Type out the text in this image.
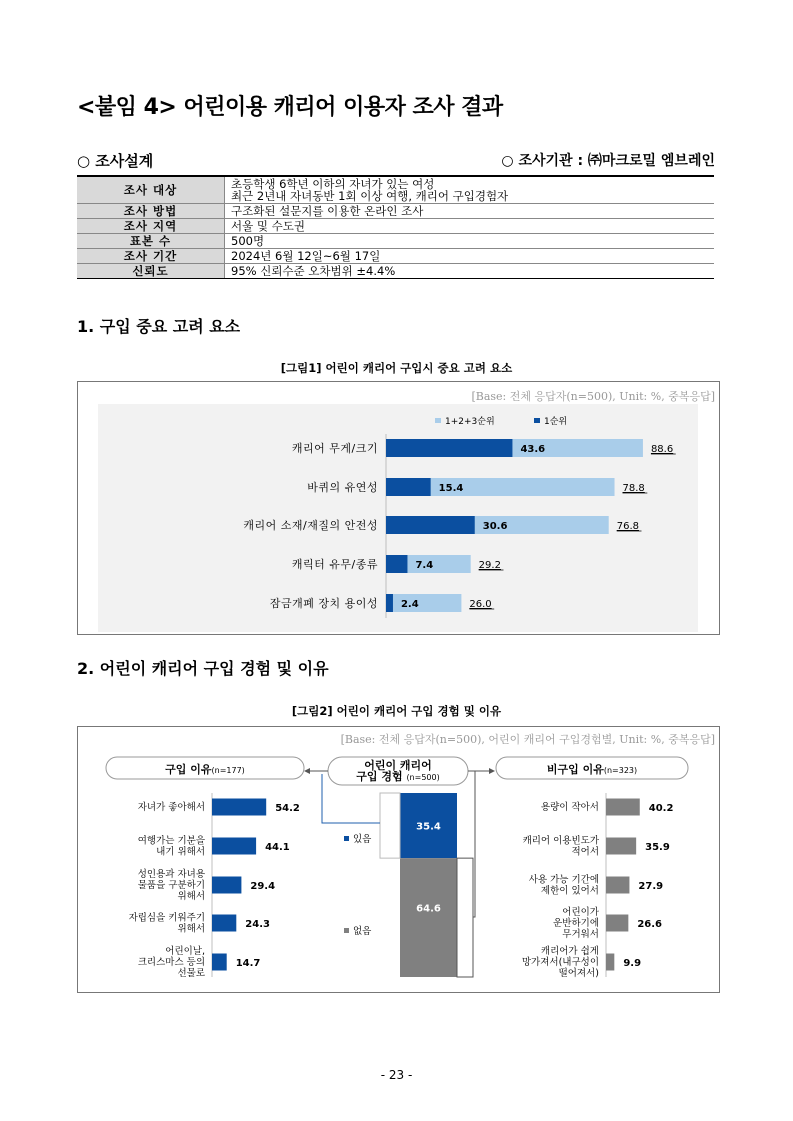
<붙임 4> 어린이용 캐리어 이용자 조사 결과
○ 조사설계	○ 조사기관 : ㈜마크로밀 엠브레인
조사 대상	초등학생 6학년 이하의 자녀가 있는 여성
최근 2년내 자녀동반 1회 이상 여행, 캐리어 구입경험자

조사 방법	구조화된 설문지를 이용한 온라인 조사
조사 지역	서울 및 수도권
표본 수	500명
조사 기간	2024년 6월 12일~6월 17일
신뢰도	95% 신뢰수준 오차범위 ±4.4%
1. 구입 중요 고려 요소
[그림1] 어린이 캐리어 구입시 중요 고려 요소
[Base: 전체 응답자(n=500), Unit: %, 중복응답]
1+2+3순위	1순위
캐리어 무게/크기	43.6	88.6
바퀴의 유연성	15.4	78.8
캐리어 소재/재질의 안전성	30.6	76.8
캐릭터 유무/종류	7.4	29.2
잠금개폐 장치 용이성 2.4	26.0
2. 어린이 캐리어 구입 경험 및 이유
[그림2] 어린이 캐리어 구입 경험 및 이유
[Base: 전체 응답자(n=500), 어린이 캐리어 구입경험별, Unit: %, 중복응답]
구입 이유(n=177)	어린이 캐리어
구입 경험 (n=500)
비구입 이유(n=323)
자녀가 좋아해서	54.2
여행가는 기분을
내기 위해서	44.1
성인용과 자녀용
물품을 구분하기
위해서
29.4
자립심을 키워주기
위해서	24.3
어린이날,
크리스마스 등의
선물로
14.7
35.4
64.6
있음
없음
용량이 작아서	40.2
캐리어 이용빈도가
적어서	35.9
사용 가능 기간에
제한이 있어서	27.9
어린이가
운반하기에
무거워서
26.6
캐리어가 쉽게
망가져서(내구성이
떨어져서)
9.9
- 23 -
